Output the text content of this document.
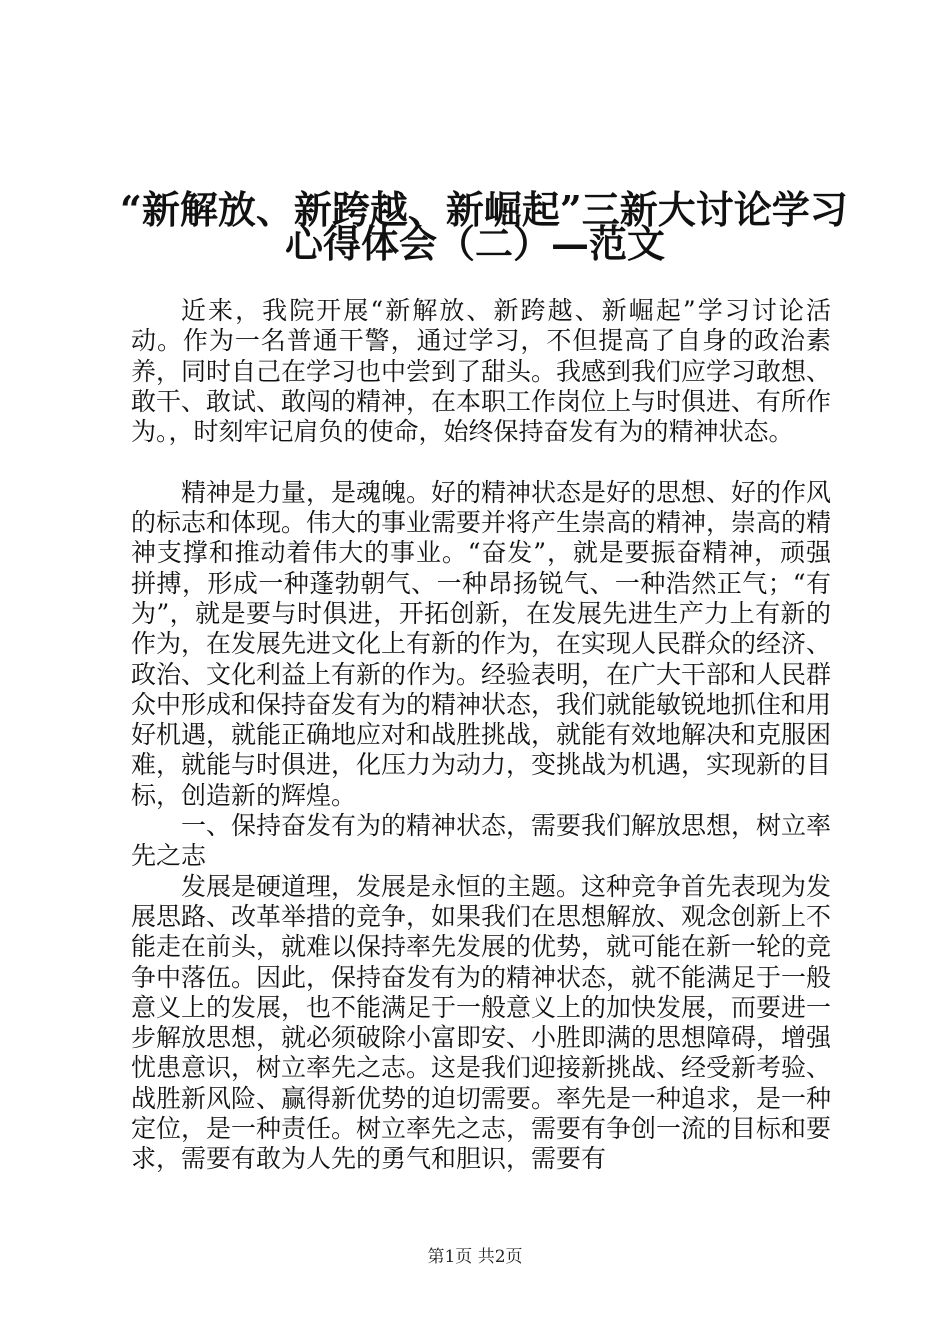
“新解放、新跨越、新崛起”三新大讨论学习
心得体会（二）—范文

近来，我院开展“新解放、新跨越、新崛起”学习讨论活动。作为一名普通干警，通过学习，不但提高了自身的政治素养，同时自己在学习也中尝到了甜头。我感到我们应学习敢想、敢干、敢试、敢闯的精神，在本职工作岗位上与时俱进、有所作为。，时刻牢记肩负的使命，始终保持奋发有为的精神状态。

精神是力量，是魂魄。好的精神状态是好的思想、好的作风的标志和体现。伟大的事业需要并将产生崇高的精神，崇高的精神支撑和推动着伟大的事业。“奋发”，就是要振奋精神，顽强拼搏，形成一种蓬勃朝气、一种昂扬锐气、一种浩然正气；“有为”，就是要与时俱进，开拓创新，在发展先进生产力上有新的作为，在发展先进文化上有新的作为，在实现人民群众的经济、政治、文化利益上有新的作为。经验表明，在广大干部和人民群众中形成和保持奋发有为的精神状态，我们就能敏锐地抓住和用好机遇，就能正确地应对和战胜挑战，就能有效地解决和克服困难，就能与时俱进，化压力为动力，变挑战为机遇，实现新的目标，创造新的辉煌。

一、保持奋发有为的精神状态，需要我们解放思想，树立率先之志

发展是硬道理，发展是永恒的主题。这种竞争首先表现为发展思路、改革举措的竞争，如果我们在思想解放、观念创新上不能走在前头，就难以保持率先发展的优势，就可能在新一轮的竞争中落伍。因此，保持奋发有为的精神状态，就不能满足于一般意义上的发展，也不能满足于一般意义上的加快发展，而要进一步解放思想，就必须破除小富即安、小胜即满的思想障碍，增强忧患意识，树立率先之志。这是我们迎接新挑战、经受新考验、战胜新风险、赢得新优势的迫切需要。率先是一种追求，是一种定位，是一种责任。树立率先之志，需要有争创一流的目标和要求，需要有敢为人先的勇气和胆识，需要有

第1页 共2页
